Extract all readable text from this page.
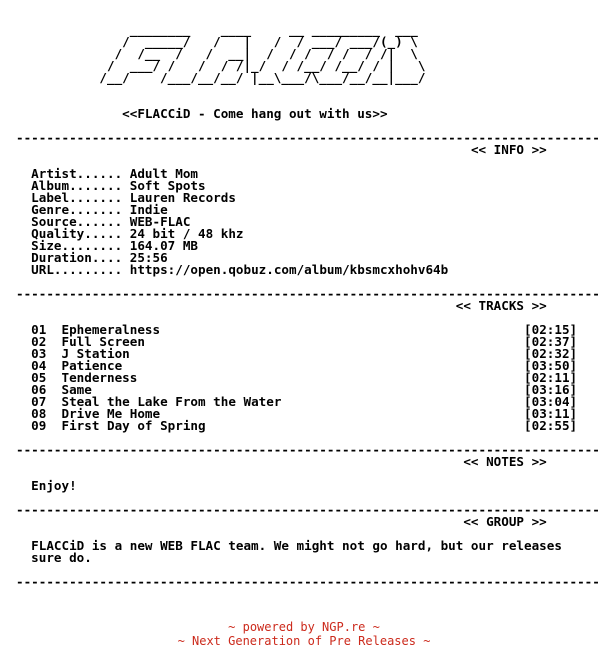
________    ____     __ _________  ___
/  _____/   /   |   /  / ___/ ___/(_) \
/  /__  /   /  __|  /  / /  / /  / /|  \
/  ___/ /   /  / /|_/  / /__/ /__/ / |   \
/__/    /___/__/__/ |__\___/\___/__/__|___/

<<FLACCiD - Come hang out with us>>

-----------------------------------------------------------------------------
<< INFO >>

Artist...... Adult Mom
Album....... Soft Spots
Label....... Lauren Records
Genre....... Indie
Source...... WEB-FLAC
Quality..... 24 bit / 48 khz
Size........ 164.07 MB
Duration.... 25:56
URL......... https://open.qobuz.com/album/kbsmcxhohv64b

-----------------------------------------------------------------------------
<< TRACKS >>

01 Ephemeralness	[02:15]
02 Full Screen	[02:37]
03 J Station	[02:32]
04 Patience	[03:50]
05 Tenderness	[02:11]
06 Same	[03:16]
07 Steal the Lake From the Water	[03:04]
08 Drive Me Home	[03:11]
09 First Day of Spring	[02:55]

-----------------------------------------------------------------------------
<< NOTES >>

Enjoy!

-----------------------------------------------------------------------------
<< GROUP >>

FLACCiD is a new WEB FLAC team. We might not go hard, but our releases
sure do.

-----------------------------------------------------------------------------
~ powered by NGP.re ~
~ Next Generation of Pre Releases ~
